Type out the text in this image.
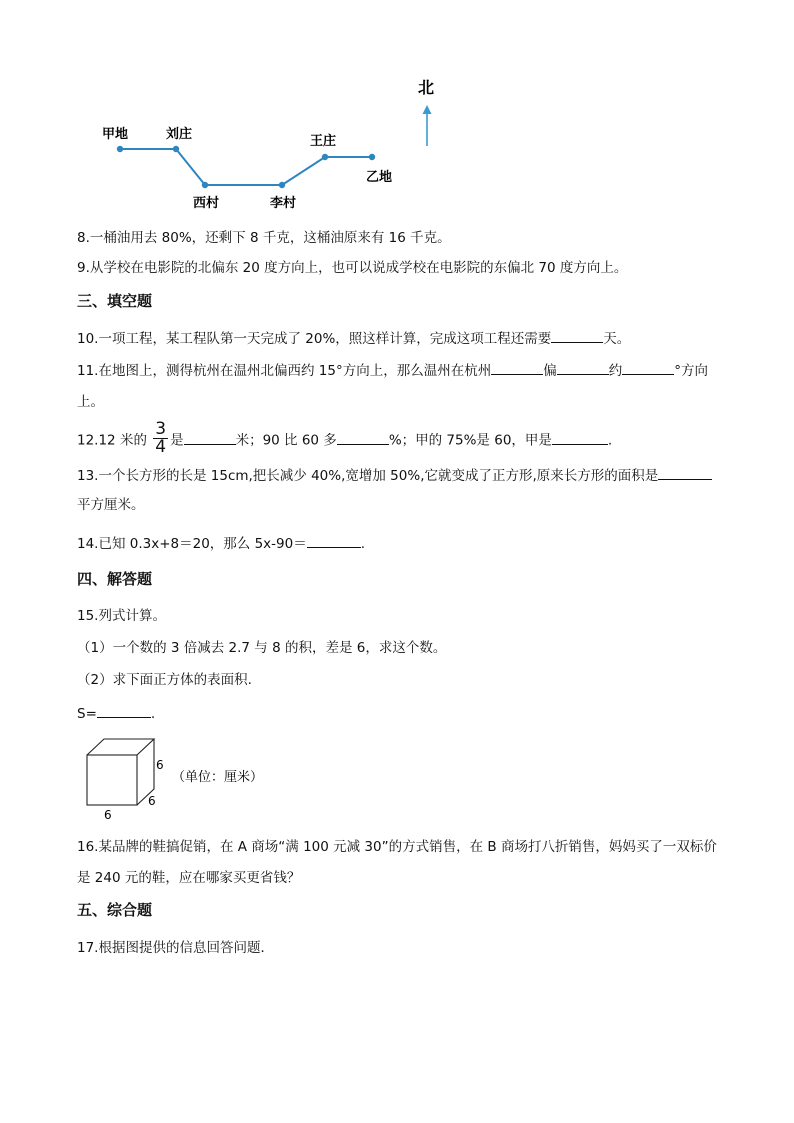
甲地	刘庄
西村	李村
王庄
乙地
北
8.一桶油用去 80%，还剩下 8 千克，这桶油原来有 16 千克。
9.从学校在电影院的北偏东 20 度方向上，也可以说成学校在电影院的东偏北 70 度方向上。
三、填空题
10.一项工程，某工程队第一天完成了 20%，照这样计算，完成这项工程还需要	天。
11.在地图上，测得杭州在温州北偏西约 15°方向上，那么温州在杭州	偏	约	°方向
上。
12.12 米的 $\frac{3}{4}$ 是	米；90 比 60 多	%；甲的 75%是 60，甲是	.
13.一个长方形的长是 15cm,把长减少 40%,宽增加 50%,它就变成了正方形,原来长方形的面积是
平方厘米。
14.已知 0.3x+8＝20，那么 5x-90＝	.
四、解答题
15.列式计算。
（1）一个数的 3 倍减去 2.7 与 8 的积，差是 6，求这个数。
（2）求下面正方体的表面积.
S=	.
6
6
6
（单位：厘米）
16.某品牌的鞋搞促销，在 A 商场“满 100 元减 30”的方式销售，在 B 商场打八折销售，妈妈买了一双标价
是 240 元的鞋，应在哪家买更省钱？
五、综合题
17.根据图提供的信息回答问题．
